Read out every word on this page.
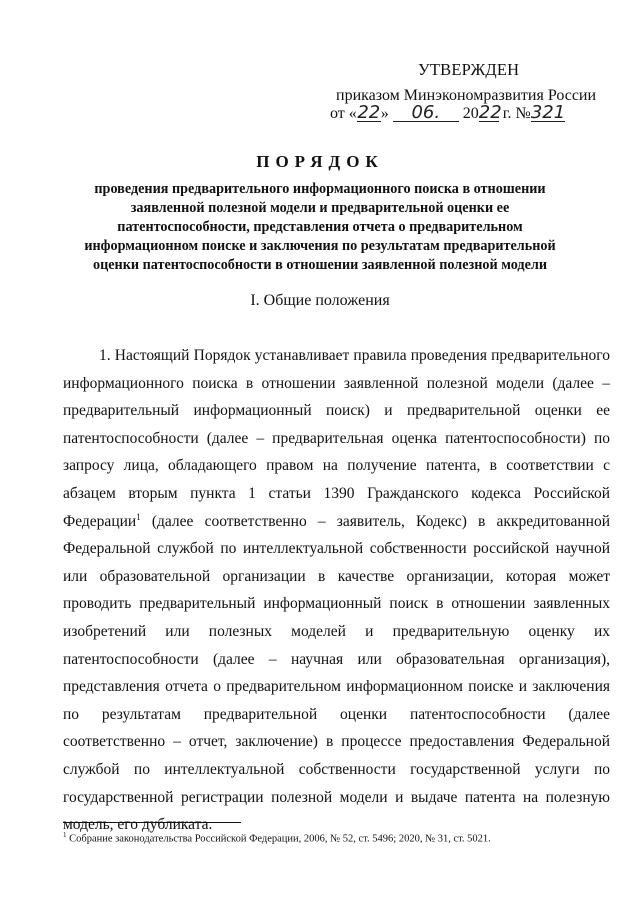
УТВЕРЖДЕН
приказом Минэкономразвития России
от «22» 06. 2022 г. №321
ПОРЯДОК
проведения предварительного информационного поиска в отношении заявленной полезной модели и предварительной оценки ее патентоспособности, представления отчета о предварительном информационном поиске и заключения по результатам предварительной оценки патентоспособности в отношении заявленной полезной модели
I. Общие положения

1. Настоящий Порядок устанавливает правила проведения предварительного информационного поиска в отношении заявленной полезной модели (далее – предварительный информационный поиск) и предварительной оценки ее патентоспособности (далее – предварительная оценка патентоспособности) по запросу лица, обладающего правом на получение патента, в соответствии с абзацем вторым пункта 1 статьи 1390 Гражданского кодекса Российской Федерации$^1$ (далее соответственно – заявитель, Кодекс) в аккредитованной Федеральной службой по интеллектуальной собственности российской научной или образовательной организации в качестве организации, которая может проводить предварительный информационный поиск в отношении заявленных изобретений или полезных моделей и предварительную оценку их патентоспособности (далее – научная или образовательная организация), представления отчета о предварительном информационном поиске и заключения по результатам предварительной оценки патентоспособности (далее соответственно – отчет, заключение) в процессе предоставления Федеральной службой по интеллектуальной собственности государственной услуги по государственной регистрации полезной модели и выдаче патента на полезную модель, его дубликата.

$^1$ Собрание законодательства Российской Федерации, 2006, № 52, ст. 5496; 2020, № 31, ст. 5021.
